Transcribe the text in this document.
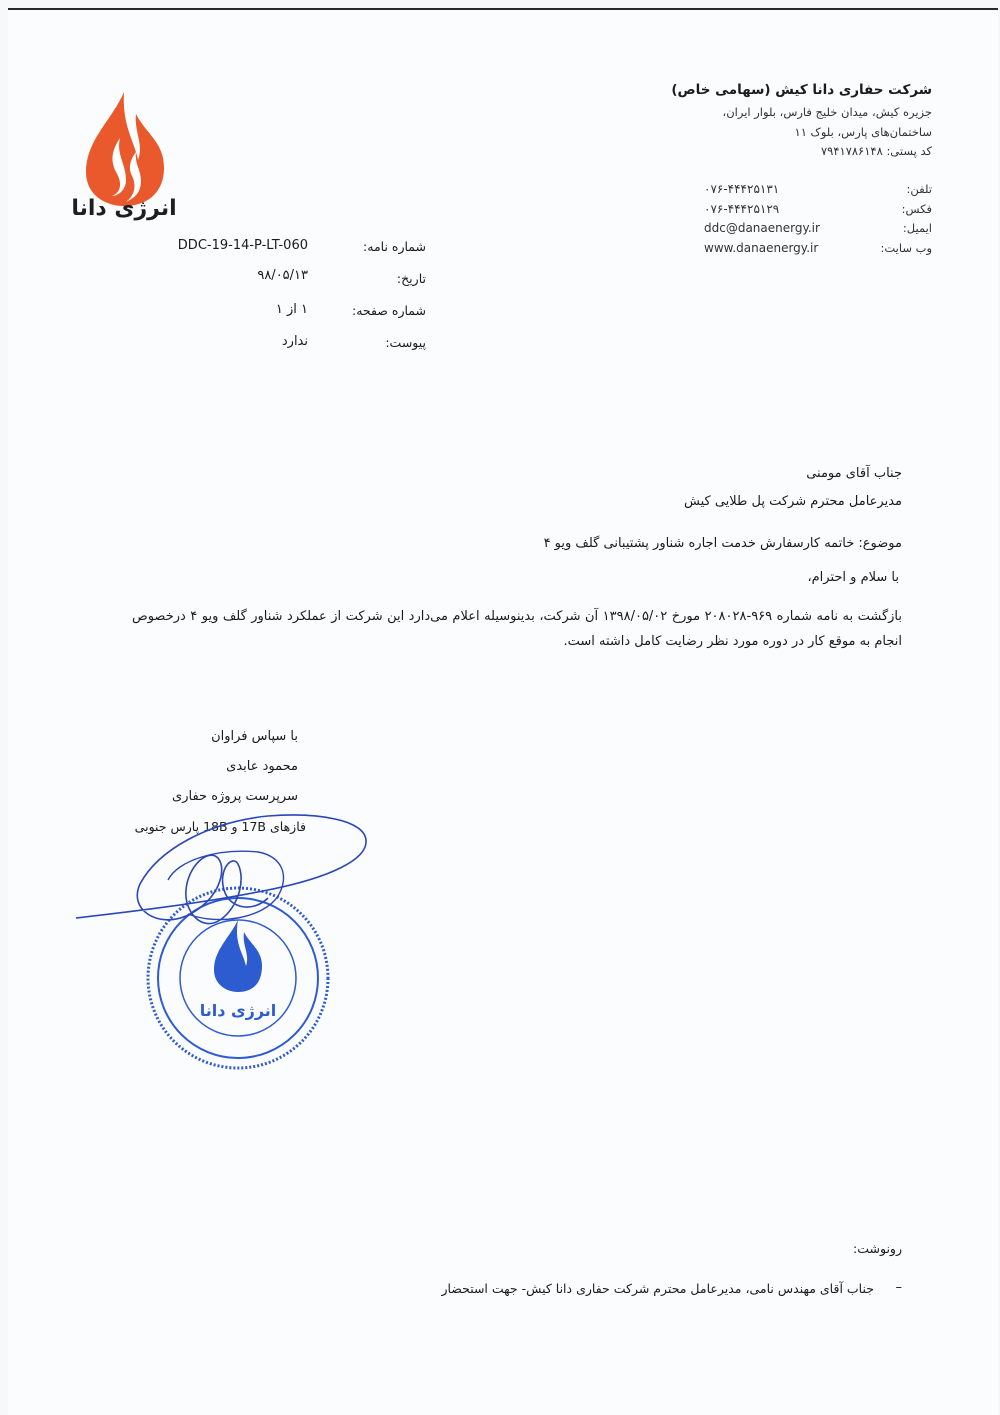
انرژی دانا
شرکت حفاری دانا کیش (سهامی خاص)
جزیره کیش، میدان خلیج فارس، بلوار ایران،
ساختمان‌های پارس، بلوک ۱۱
کد پستی: ۷۹۴۱۷۸۶۱۴۸
تلفن:
۰۷۶-۴۴۴۲۵۱۳۱
فکس:
۰۷۶-۴۴۴۲۵۱۲۹
ایمیل:
ddc@danaenergy.ir
وب سایت:
www.danaenergy.ir
شماره نامه:
DDC-19-14-P-LT-060
تاریخ:
۹۸/۰۵/۱۳
شماره صفحه:
۱ از ۱
پیوست:
ندارد
جناب آقای مومنی
مدیرعامل محترم شرکت پل طلایی کیش
موضوع: خاتمه کارسفارش خدمت اجاره شناور پشتیبانی گلف ویو ۴
با سلام و احترام،
بازگشت به نامه شماره ۹۶۹-۲۰۸۰۲۸ مورخ ۱۳۹۸/۰۵/۰۲ آن شرکت، بدینوسیله اعلام می‌دارد این شرکت از عملکرد شناور گلف ویو ۴ درخصوص انجام به موقع کار در دوره مورد نظر رضایت کامل داشته است.
با سپاس فراوان
محمود عابدی
سرپرست پروژه حفاری
فازهای 17B و 18B پارس جنوبی
انرژی دانا
رونوشت:
–
جناب آقای مهندس نامی، مدیرعامل محترم شرکت حفاری دانا کیش- جهت استحضار
